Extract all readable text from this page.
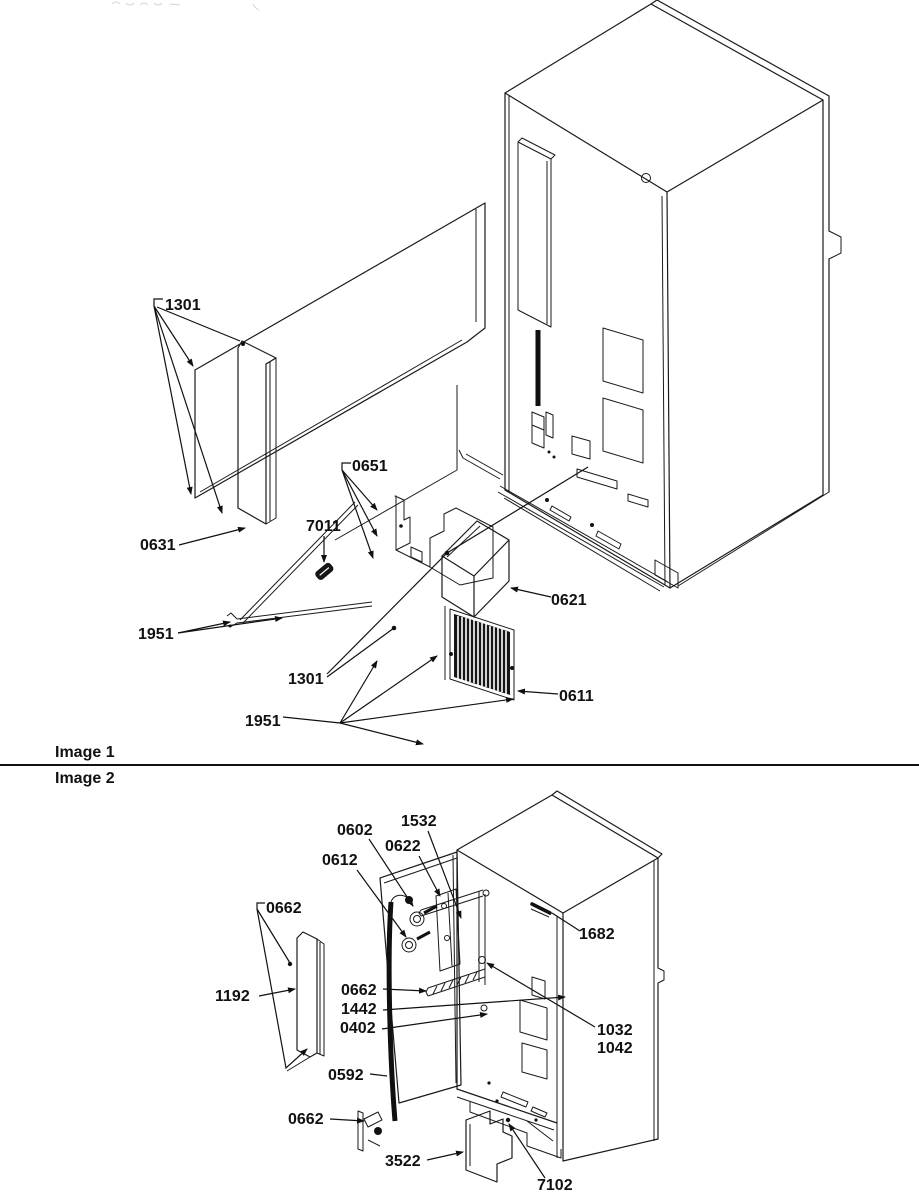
1301
0631
0651
7011
1951
1301
1951
0621
0611
Image 1
Image 2
1532
0602
0622
0612
0662
1192	0662
1442
0402
0592
0662
3522
1682
1032
1042
7102
